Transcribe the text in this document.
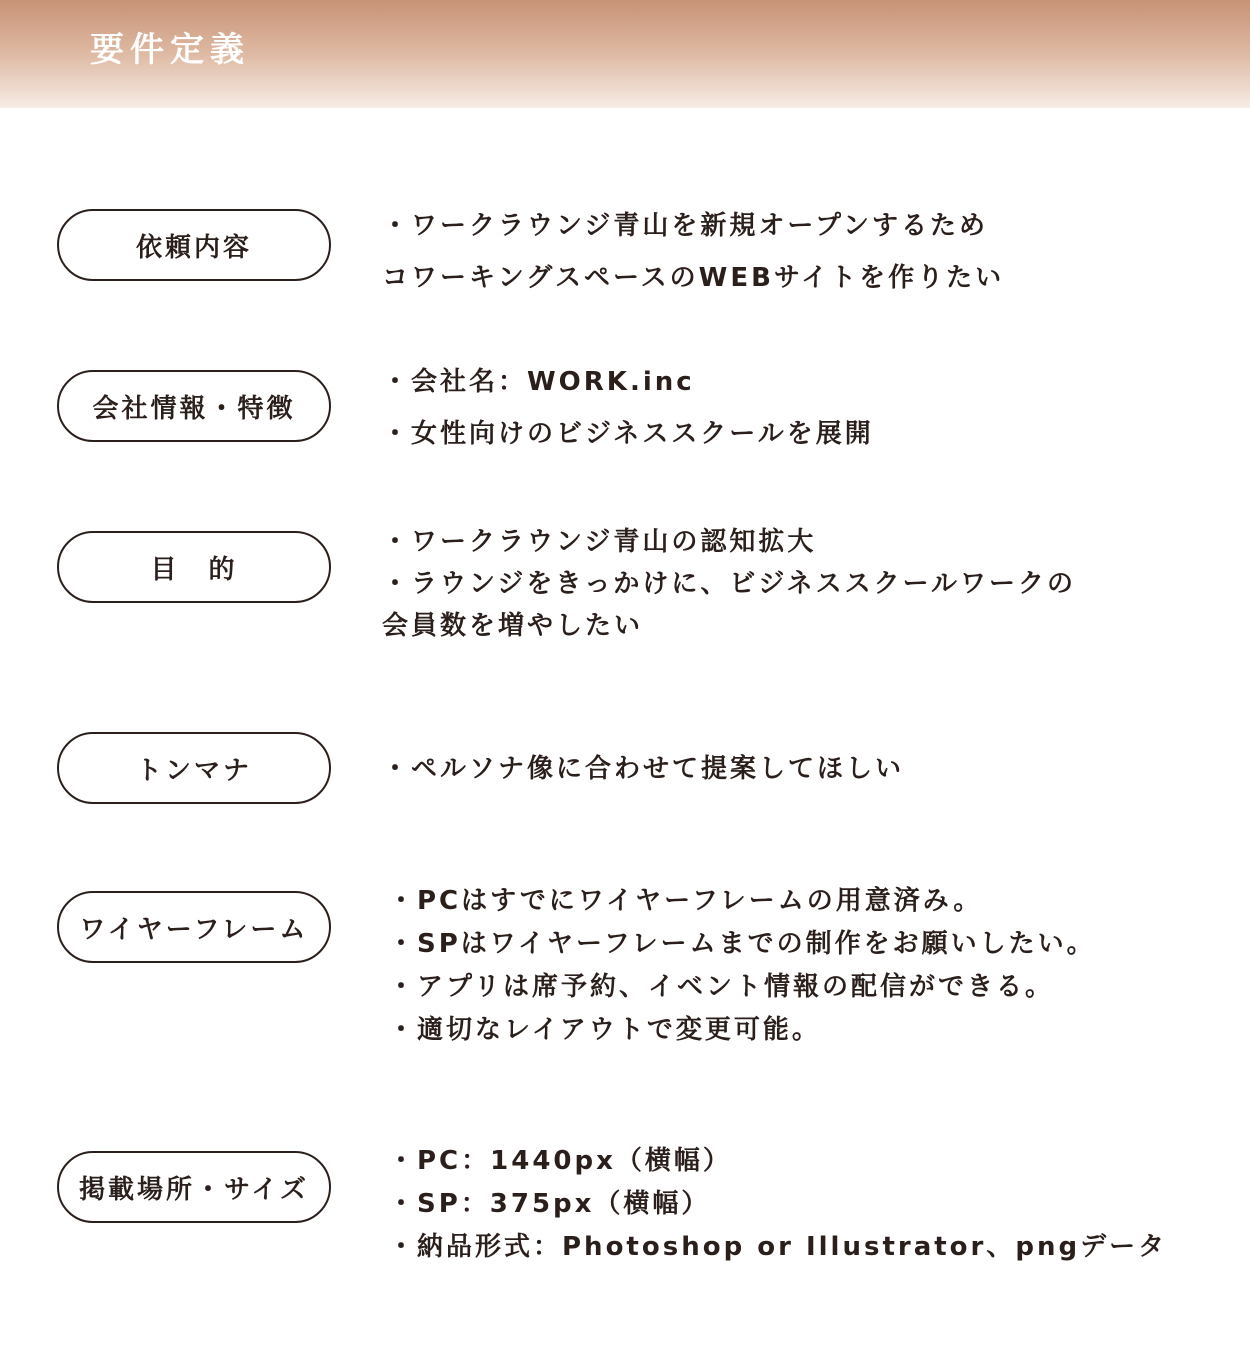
要件定義
依頼内容
・ワークラウンジ青山を新規オープンするため
コワーキングスペースのWEBサイトを作りたい
会社情報・特徴
・会社名：WORK.inc
・女性向けのビジネススクールを展開
目　的
・ワークラウンジ青山の認知拡大
・ラウンジをきっかけに、ビジネススクールワークの
会員数を増やしたい
トンマナ	・ペルソナ像に合わせて提案してほしい
ワイヤーフレーム
・PCはすでにワイヤーフレームの用意済み。
・SPはワイヤーフレームまでの制作をお願いしたい。
・アプリは席予約、イベント情報の配信ができる。
・適切なレイアウトで変更可能。
掲載場所・サイズ
・PC：1440px（横幅）
・SP：375px（横幅）
・納品形式：Photoshop or Illustrator、pngデータ
